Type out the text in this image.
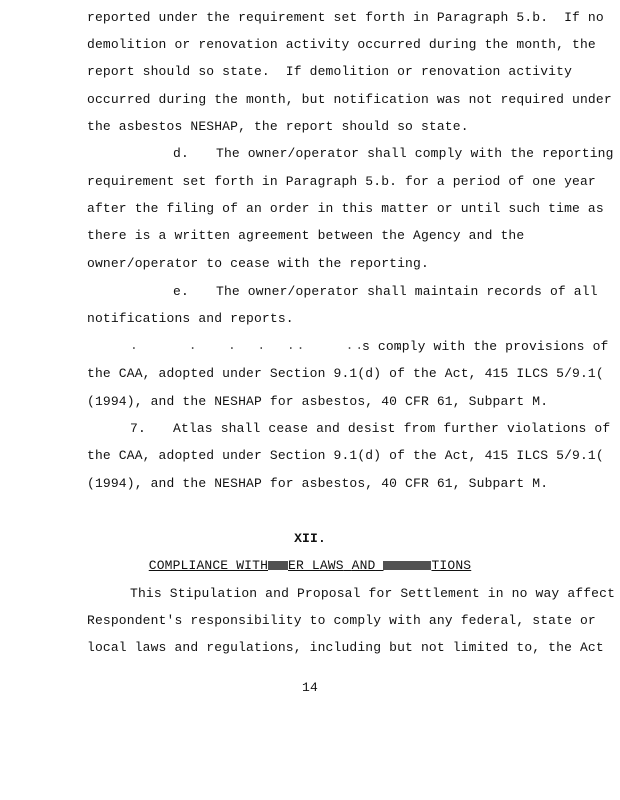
reported under the requirement set forth in Paragraph 5.b.  If no
demolition or renovation activity occurred during the month, the
report should so state.  If demolition or renovation activity
occurred during the month, but notification was not required under
the asbestos NESHAP, the report should so state.
d. The owner/operator shall comply with the reporting
requirement set forth in Paragraph 5.b. for a period of one year
after the filing of an order in this matter or until such time as
there is a written agreement between the Agency and the
owner/operator to cease with the reporting.
e. The owner/operator shall maintain records of all
notifications and reports.
.     .   .  .  ..    ..   .
s comply with the provisions of
the CAA, adopted under Section 9.1(d) of the Act, 415 ILCS 5/9.1(
(1994), and the NESHAP for asbestos, 40 CFR 61, Subpart M.
7. Atlas shall cease and desist from further violations of
the CAA, adopted under Section 9.1(d) of the Act, 415 ILCS 5/9.1(
(1994), and the NESHAP for asbestos, 40 CFR 61, Subpart M.
XII.
COMPLIANCE WITH ER LAWS AND	TIONS
This Stipulation and Proposal for Settlement in no way affect
Respondent's responsibility to comply with any federal, state or
local laws and regulations, including but not limited to, the Act
14
